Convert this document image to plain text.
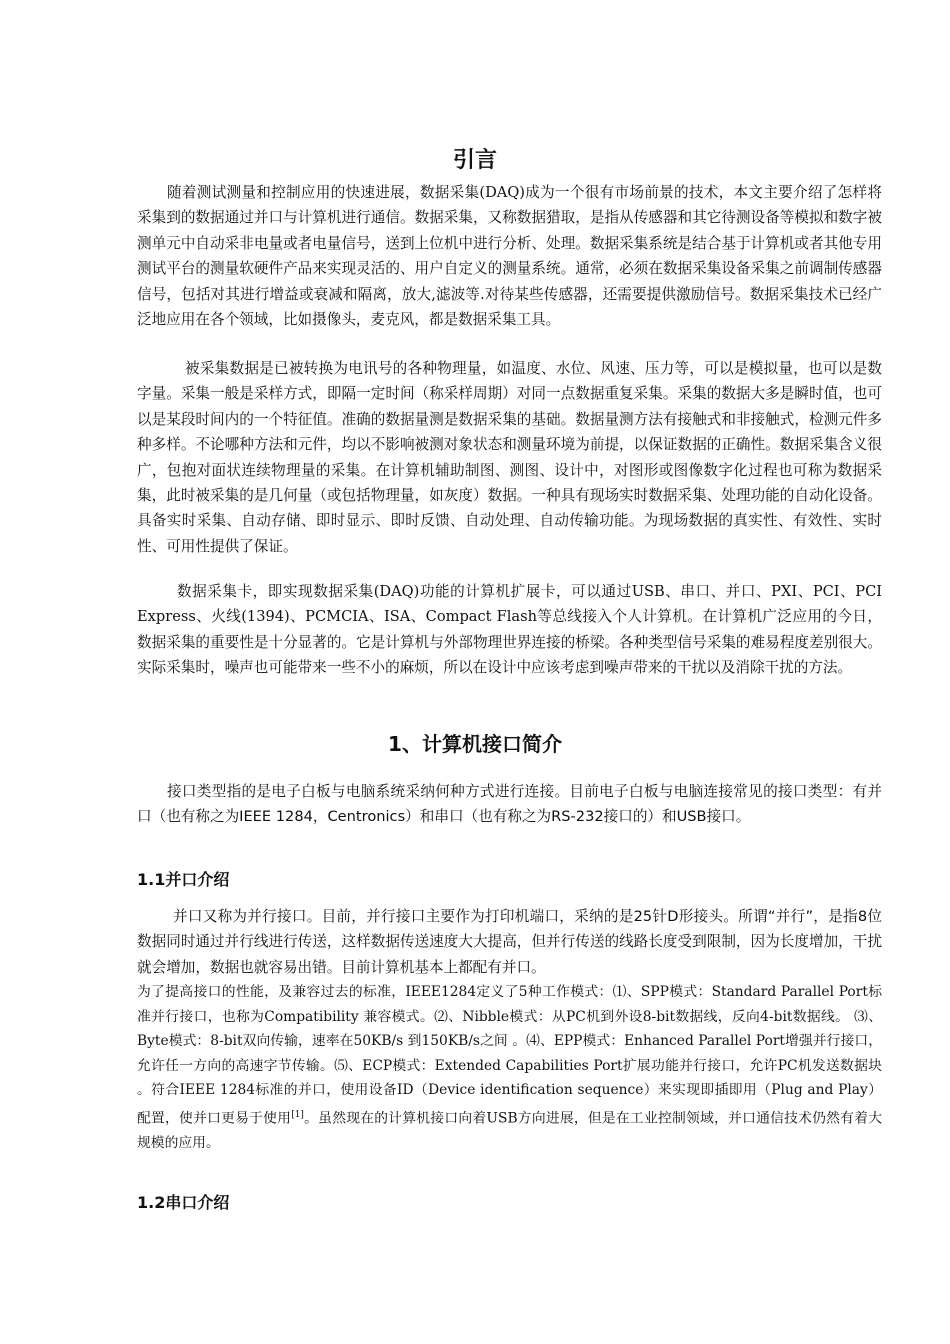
引言

随着测试测量和控制应用的快速进展，数据采集(DAQ)成为一个很有市场前景的技术，本文主要介绍了怎样将采集到的数据通过并口与计算机进行通信。数据采集，又称数据猎取，是指从传感器和其它待测设备等模拟和数字被测单元中自动采非电量或者电量信号，送到上位机中进行分析、处理。数据采集系统是结合基于计算机或者其他专用测试平台的测量软硬件产品来实现灵活的、用户自定义的测量系统。通常，必须在数据采集设备采集之前调制传感器信号，包括对其进行增益或衰减和隔离，放大,滤波等.对待某些传感器，还需要提供激励信号。数据采集技术已经广泛地应用在各个领域，比如摄像头，麦克风，都是数据采集工具。

被采集数据是已被转换为电讯号的各种物理量，如温度、水位、风速、压力等，可以是模拟量，也可以是数字量。采集一般是采样方式，即隔一定时间（称采样周期）对同一点数据重复采集。采集的数据大多是瞬时值，也可以是某段时间内的一个特征值。准确的数据量测是数据采集的基础。数据量测方法有接触式和非接触式，检测元件多种多样。不论哪种方法和元件，均以不影响被测对象状态和测量环境为前提，以保证数据的正确性。数据采集含义很广，包抱对面状连续物理量的采集。在计算机辅助制图、测图、设计中，对图形或图像数字化过程也可称为数据采集，此时被采集的是几何量（或包括物理量，如灰度）数据。一种具有现场实时数据采集、处理功能的自动化设备。具备实时采集、自动存储、即时显示、即时反馈、自动处理、自动传输功能。为现场数据的真实性、有效性、实时性、可用性提供了保证。

数据采集卡，即实现数据采集(DAQ)功能的计算机扩展卡，可以通过USB、串口、并口、PXI、PCI、PCI Express、火线(1394)、PCMCIA、ISA、Compact Flash等总线接入个人计算机。在计算机广泛应用的今日，数据采集的重要性是十分显著的。它是计算机与外部物理世界连接的桥梁。各种类型信号采集的难易程度差别很大。实际采集时，噪声也可能带来一些不小的麻烦，所以在设计中应该考虑到噪声带来的干扰以及消除干扰的方法。

1、计算机接口简介

接口类型指的是电子白板与电脑系统采纳何种方式进行连接。目前电子白板与电脑连接常见的接口类型：有并口（也有称之为IEEE 1284，Centronics）和串口（也有称之为RS-232接口的）和USB接口。

1.1并口介绍

并口又称为并行接口。目前，并行接口主要作为打印机端口，采纳的是25针D形接头。所谓“并行”，是指8位数据同时通过并行线进行传送，这样数据传送速度大大提高，但并行传送的线路长度受到限制，因为长度增加，干扰就会增加，数据也就容易出错。目前计算机基本上都配有并口。

为了提高接口的性能，及兼容过去的标准，IEEE1284定义了5种工作模式：⑴、SPP模式：Standard Parallel Port标准并行接口，也称为Compatibility 兼容模式。⑵、Nibble模式：从PC机到外设8-bit数据线，反向4-bit数据线。 ⑶、Byte模式：8-bit双向传输，速率在50KB/s 到150KB/s之间 。⑷、EPP模式：Enhanced Parallel Port增强并行接口，允许任一方向的高速字节传输。⑸、ECP模式：Extended Capabilities Port扩展功能并行接口，允许PC机发送数据块 。符合IEEE 1284标准的并口，使用设备ID（Device identification sequence）来实现即插即用（Plug and Play）配置，使并口更易于使用[1]。虽然现在的计算机接口向着USB方向进展，但是在工业控制领域，并口通信技术仍然有着大规模的应用。

1.2串口介绍
